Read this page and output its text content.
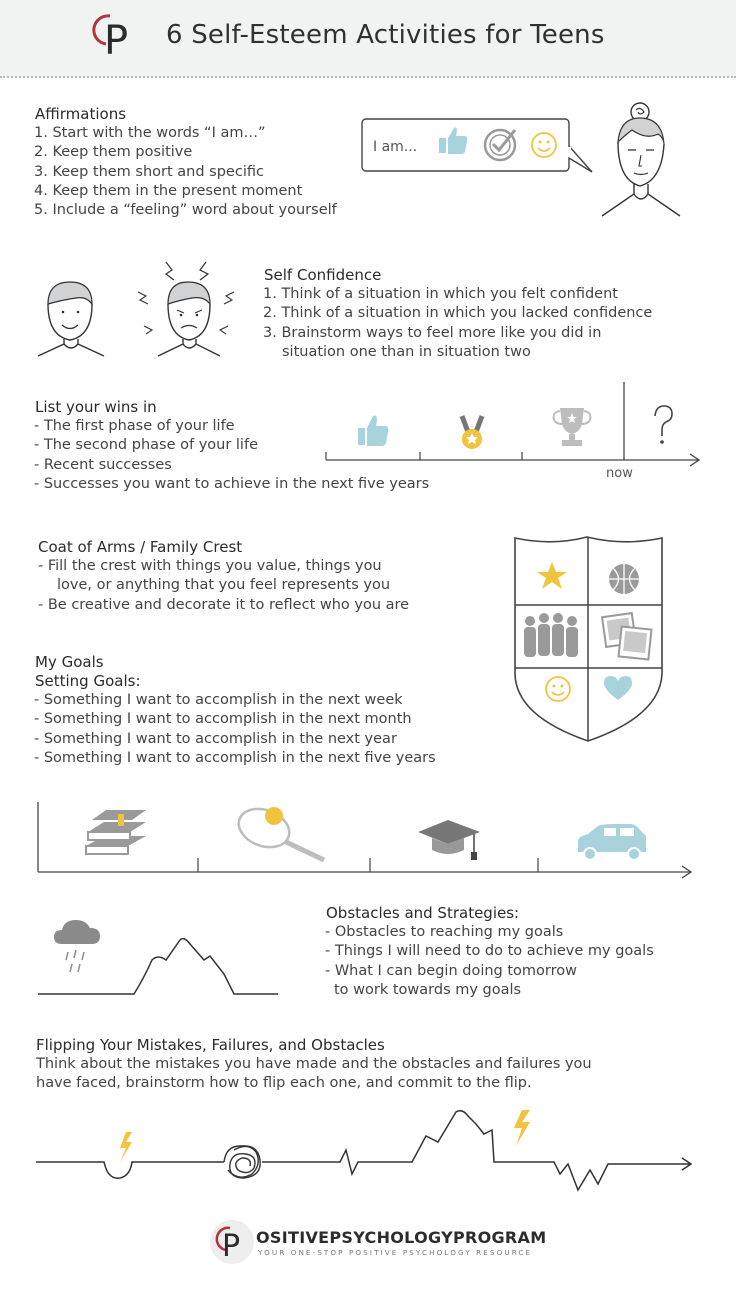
P 6 Self-Esteem Activities for Teens
Affirmations
1. Start with the words “I am…”
2. Keep them positive
3. Keep them short and specific
4. Keep them in the present moment
5. Include a “feeling” word about yourself
I am...
Self Confidence
1. Think of a situation in which you felt confident
2. Think of a situation in which you lacked confidence
3. Brainstorm ways to feel more like you did in
situation one than in situation two
List your wins in
- The first phase of your life
- The second phase of your life
- Recent successes
- Successes you want to achieve in the next five years
now
Coat of Arms / Family Crest
- Fill the crest with things you value, things you
love, or anything that you feel represents you
- Be creative and decorate it to reflect who you are
My Goals
Setting Goals:
- Something I want to accomplish in the next week
- Something I want to accomplish in the next month
- Something I want to accomplish in the next year
- Something I want to accomplish in the next five years
Obstacles and Strategies:
- Obstacles to reaching my goals
- Things I will need to do to achieve my goals
- What I can begin doing tomorrow
to work towards my goals
Flipping Your Mistakes, Failures, and Obstacles
Think about the mistakes you have made and the obstacles and failures you
have faced, brainstorm how to flip each one, and commit to the flip.
P OSITIVEPSYCHOLOGYPROGRAM
YOUR ONE-STOP POSITIVE PSYCHOLOGY RESOURCE
